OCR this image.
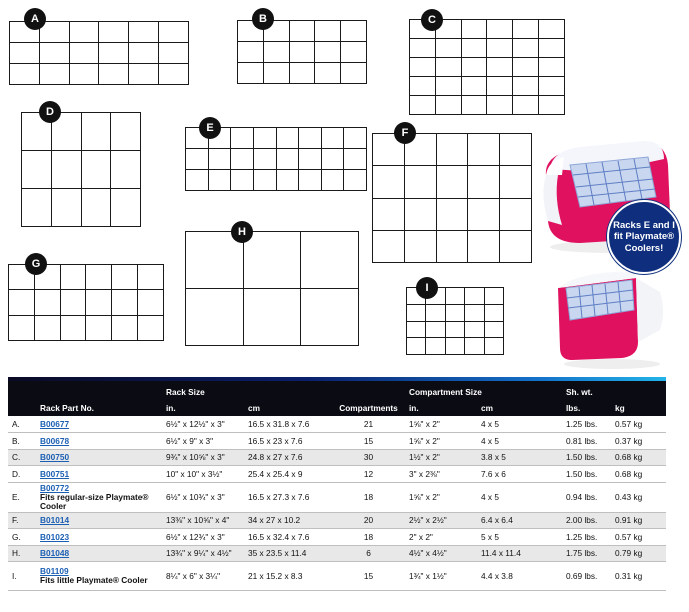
Racks E and I fit Playmate® Coolers!
		Rack Size			Compartment Size		Sh. wt.	
	Rack Part No.	in.	cm	Compartments	in.	cm	lbs.	kg
A.	B00677	6½" x 12½" x 3"	16.5 x 31.8 x 7.6	21	1⅝" x 2"	4 x 5	1.25 lbs.	0.57 kg
B.	B00678	6½" x 9" x 3"	16.5 x 23 x 7.6	15	1⅝" x 2"	4 x 5	0.81 lbs.	0.37 kg
C.	B00750	9¾" x 10⅝" x 3"	24.8 x 27 x 7.6	30	1½" x 2"	3.8 x 5	1.50 lbs.	0.68 kg
D.	B00751	10" x 10" x 3½"	25.4 x 25.4 x 9	12	3" x 2⅜"	7.6 x 6	1.50 lbs.	0.68 kg
E.	B00772
Fits regular-size Playmate® Cooler	6½" x 10¾" x 3"	16.5 x 27.3 x 7.6	18	1⅝" x 2"	4 x 5	0.94 lbs.	0.43 kg
F.	B01014	13⅜" x 10⅝" x 4"	34 x 27 x 10.2	20	2½" x 2½"	6.4 x 6.4	2.00 lbs.	0.91 kg
G.	B01023	6½" x 12¾" x 3"	16.5 x 32.4 x 7.6	18	2" x 2"	5 x 5	1.25 lbs.	0.57 kg
H.	B01048	13¾" x 9¼" x 4½"	35 x 23.5 x 11.4	6	4½" x 4½"	11.4 x 11.4	1.75 lbs.	0.79 kg
I.	B01109
Fits little Playmate® Cooler	8¼" x 6" x 3¼"	21 x 15.2 x 8.3	15	1¾" x 1½"	4.4 x 3.8	0.69 lbs.	0.31 kg

A

					B

						C

D

E

					F

G

H

I
